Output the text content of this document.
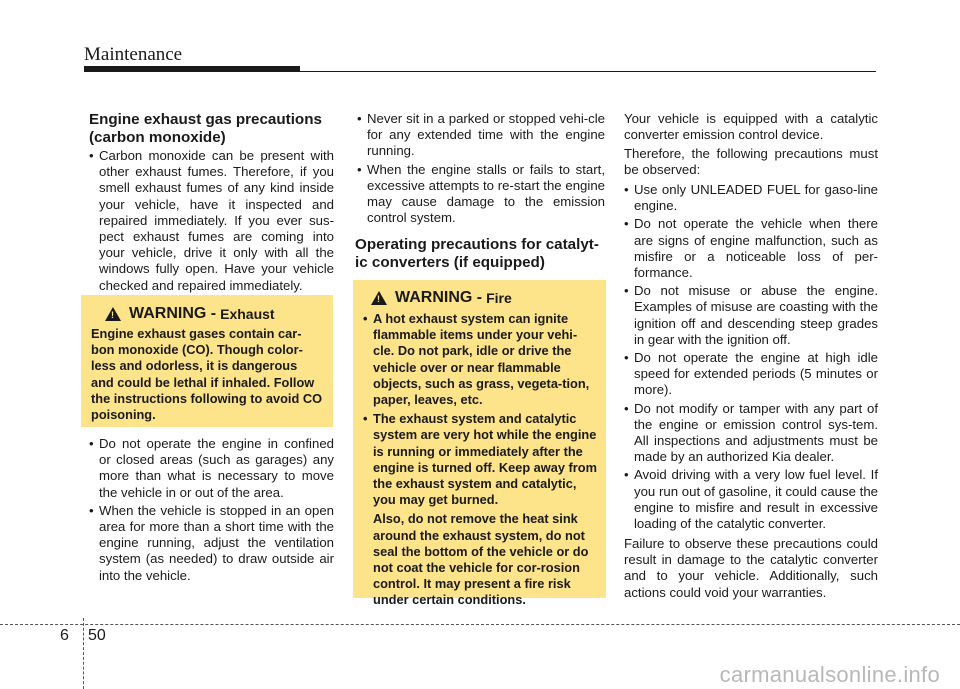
Maintenance
Engine exhaust gas precautions (carbon monoxide)
• Carbon monoxide can be present with other exhaust fumes. Therefore, if you smell exhaust fumes of any kind inside your vehicle, have it inspected and repaired immediately. If you ever sus-pect exhaust fumes are coming into your vehicle, drive it only with all the windows fully open. Have your vehicle checked and repaired immediately.
!
WARNING - Exhaust
Engine exhaust gases contain car-bon monoxide (CO). Though color-less and odorless, it is dangerous and could be lethal if inhaled. Follow the instructions following to avoid CO poisoning.
• Do not operate the engine in confined or closed areas (such as garages) any more than what is necessary to move the vehicle in or out of the area.
• When the vehicle is stopped in an open area for more than a short time with the engine running, adjust the ventilation system (as needed) to draw outside air into the vehicle.
• Never sit in a parked or stopped vehi-cle for any extended time with the engine running.
• When the engine stalls or fails to start, excessive attempts to re-start the engine may cause damage to the emission control system.
Operating precautions for catalyt-ic converters (if equipped)
!
WARNING - Fire
• A hot exhaust system can ignite flammable items under your vehi-cle. Do not park, idle or drive the vehicle over or near flammable objects, such as grass, vegeta-tion, paper, leaves, etc.
• The exhaust system and catalytic system are very hot while the engine is running or immediately after the engine is turned off. Keep away from the exhaust system and catalytic, you may get burned.
Also, do not remove the heat sink around the exhaust system, do not seal the bottom of the vehicle or do not coat the vehicle for cor-rosion control. It may present a fire risk under certain conditions.
Your vehicle is equipped with a catalytic converter emission control device.
Therefore, the following precautions must be observed:
• Use only UNLEADED FUEL for gaso-line engine.
• Do not operate the vehicle when there are signs of engine malfunction, such as misfire or a noticeable loss of per-formance.
• Do not misuse or abuse the engine. Examples of misuse are coasting with the ignition off and descending steep grades in gear with the ignition off.
• Do not operate the engine at high idle speed for extended periods (5 minutes or more).
• Do not modify or tamper with any part of the engine or emission control sys-tem. All inspections and adjustments must be made by an authorized Kia dealer.
• Avoid driving with a very low fuel level. If you run out of gasoline, it could cause the engine to misfire and result in excessive loading of the catalytic converter.
Failure to observe these precautions could result in damage to the catalytic converter and to your vehicle. Additionally, such actions could void your warranties.
6 50
carmanualsonline.info
